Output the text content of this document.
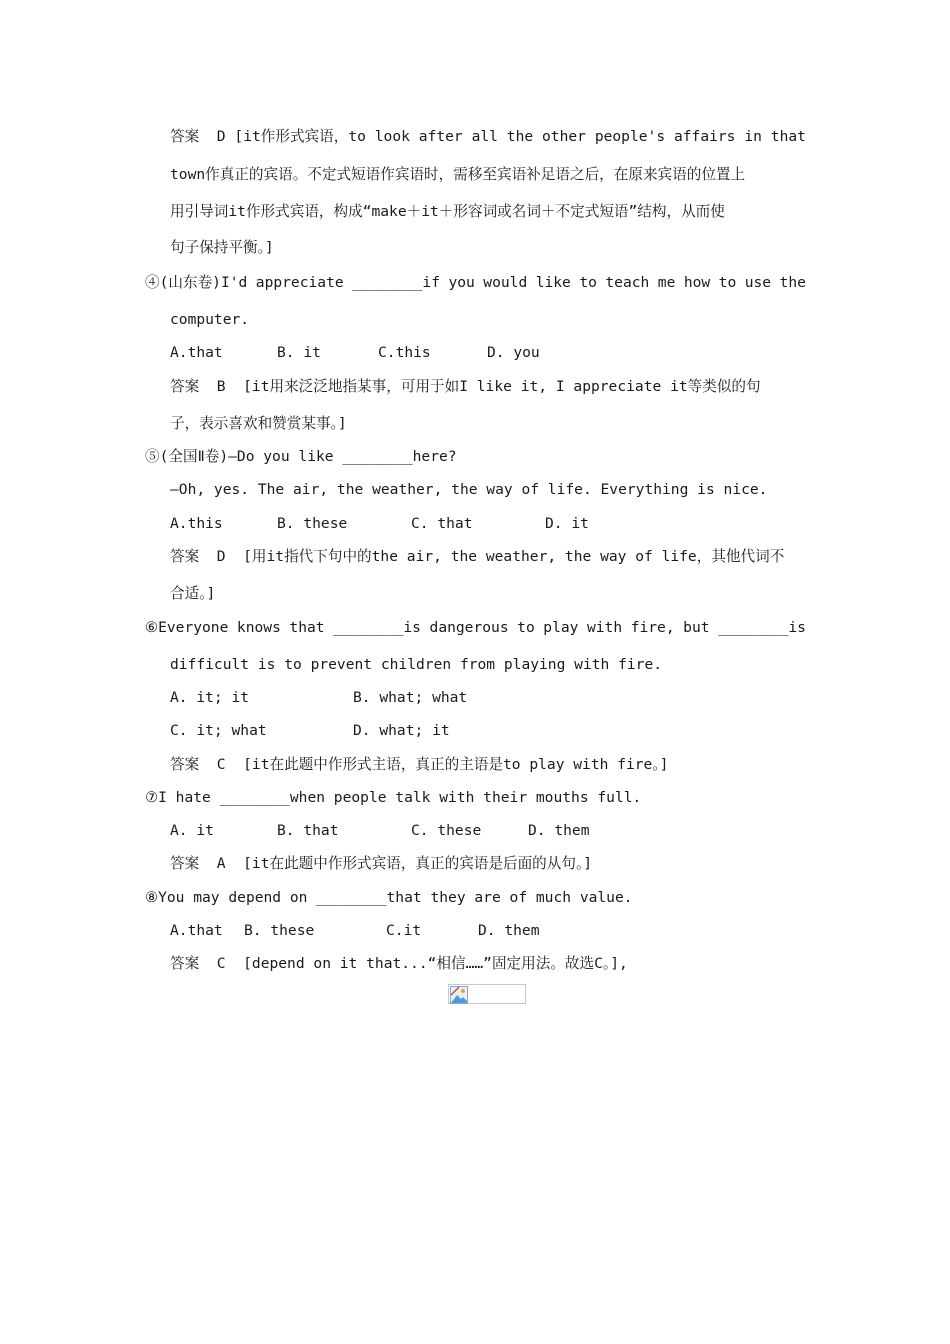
答案  D [it作形式宾语，to look after all the other people's affairs in that
town作真正的宾语。不定式短语作宾语时，需移至宾语补足语之后，在原来宾语的位置上
用引导词it作形式宾语，构成“make＋it＋形容词或名词＋不定式短语”结构，从而使
句子保持平衡。]
④(山东卷)I'd appreciate ________if you would like to teach me how to use the
computer.
A.that	B. it	C.this	D. you
答案  B  [it用来泛泛地指某事，可用于如I like it, I appreciate it等类似的句
子，表示喜欢和赞赏某事。]
⑤(全国Ⅱ卷)—Do you like ________here?
—Oh, yes. The air, the weather, the way of life. Everything is nice.
A.this	B. these	C. that	D. it
答案  D  [用it指代下句中的the air, the weather, the way of life，其他代词不
合适。]
⑥Everyone knows that ________is dangerous to play with fire, but ________is
difficult is to prevent children from playing with fire.
A. it; it	B. what; what
C. it; what	D. what; it
答案  C  [it在此题中作形式主语，真正的主语是to play with fire。]
⑦I hate ________when people talk with their mouths full.
A. it	B. that	C. these	D. them
答案  A  [it在此题中作形式宾语，真正的宾语是后面的从句。]
⑧You may depend on ________that they are of much value.
A.that B. these	C.it	D. them
答案  C  [depend on it that...“相信……”固定用法。故选C。],
